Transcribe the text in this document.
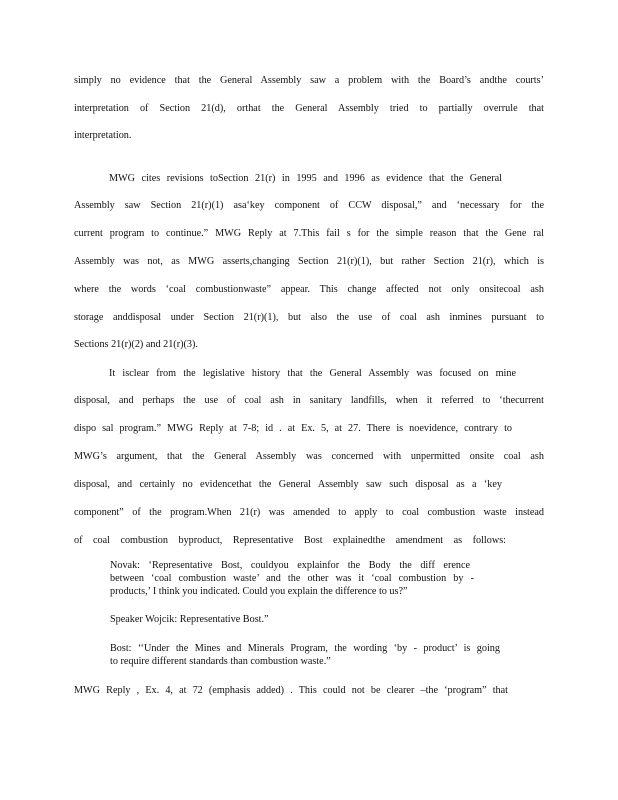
simply no evidence that the General Assembly saw a problem with the Board’s andthe courts’
interpretation of Section 21(d), orthat the General Assembly tried to partially overrule that
interpretation.
MWG cites revisions toSection 21(r) in 1995 and 1996 as evidence that the General
Assembly saw Section 21(r)(1) asa‘key component of CCW disposal,” and ‘necessary for the
current program to continue.” MWG Reply at 7.This fail s for the simple reason that the Gene ral
Assembly was not, as MWG asserts,changing Section 21(r)(1), but rather Section 21(r), which is
where the words ‘coal combustionwaste” appear. This change affected not only onsitecoal ash
storage anddisposal under Section 21(r)(1), but also the use of coal ash inmines pursuant to
Sections 21(r)(2) and 21(r)(3).
It isclear from the legislative history that the General Assembly was focused on mine
disposal, and perhaps the use of coal ash in sanitary landfills, when it referred to ‘thecurrent
dispo sal program.” MWG Reply at 7-8; id . at Ex. 5, at 27. There is noevidence, contrary to
MWG’s argument, that the General Assembly was concerned with unpermitted onsite coal ash
disposal, and certainly no evidencethat the General Assembly saw such disposal as a ‘key
component” of the program.When 21(r) was amended to apply to coal combustion waste instead
of coal combustion byproduct, Representative Bost explainedthe amendment as follows:
Novak: ‘Representative Bost, couldyou explainfor the Body the diff erence
between ‘coal combustion waste’ and the other was it ‘coal combustion by -
products,’ I think you indicated. Could you explain the difference to us?”
Speaker Wojcik: Representative Bost.”
Bost: ‘‘Under the Mines and Minerals Program, the wording ‘by - product’ is going
to require different standards than combustion waste.”
MWG Reply , Ex. 4, at 72 (emphasis added) . This could not be clearer –the ‘program” that
